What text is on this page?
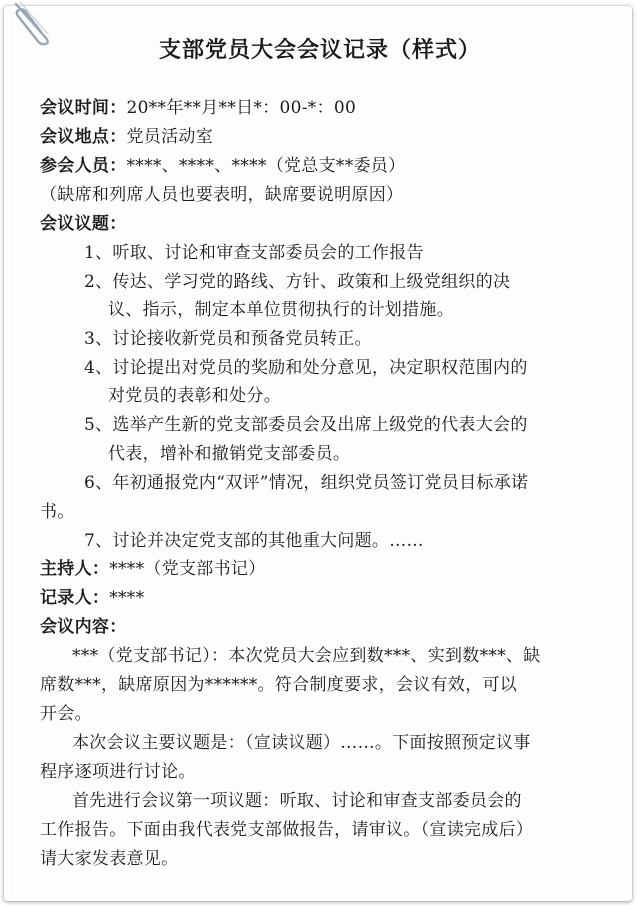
支部党员大会会议记录（样式）
会议时间：20**年**月**日*：00-*：00
会议地点：党员活动室
参会人员：****、****、****（党总支**委员）
（缺席和列席人员也要表明，缺席要说明原因）
会议议题：
1、听取、讨论和审查支部委员会的工作报告
2、传达、学习党的路线、方针、政策和上级党组织的决
议、指示，制定本单位贯彻执行的计划措施。
3、讨论接收新党员和预备党员转正。
4、讨论提出对党员的奖励和处分意见，决定职权范围内的
对党员的表彰和处分。
5、选举产生新的党支部委员会及出席上级党的代表大会的
代表，增补和撤销党支部委员。
6、年初通报党内“双评”情况，组织党员签订党员目标承诺
书。
7、讨论并决定党支部的其他重大问题。……
主持人：****（党支部书记）
记录人：****
会议内容：
***（党支部书记）：本次党员大会应到数***、实到数***、缺
席数***，缺席原因为******。符合制度要求，会议有效，可以
开会。
本次会议主要议题是：（宣读议题）……。下面按照预定议事
程序逐项进行讨论。
首先进行会议第一项议题：听取、讨论和审查支部委员会的
工作报告。下面由我代表党支部做报告，请审议。（宣读完成后）
请大家发表意见。
